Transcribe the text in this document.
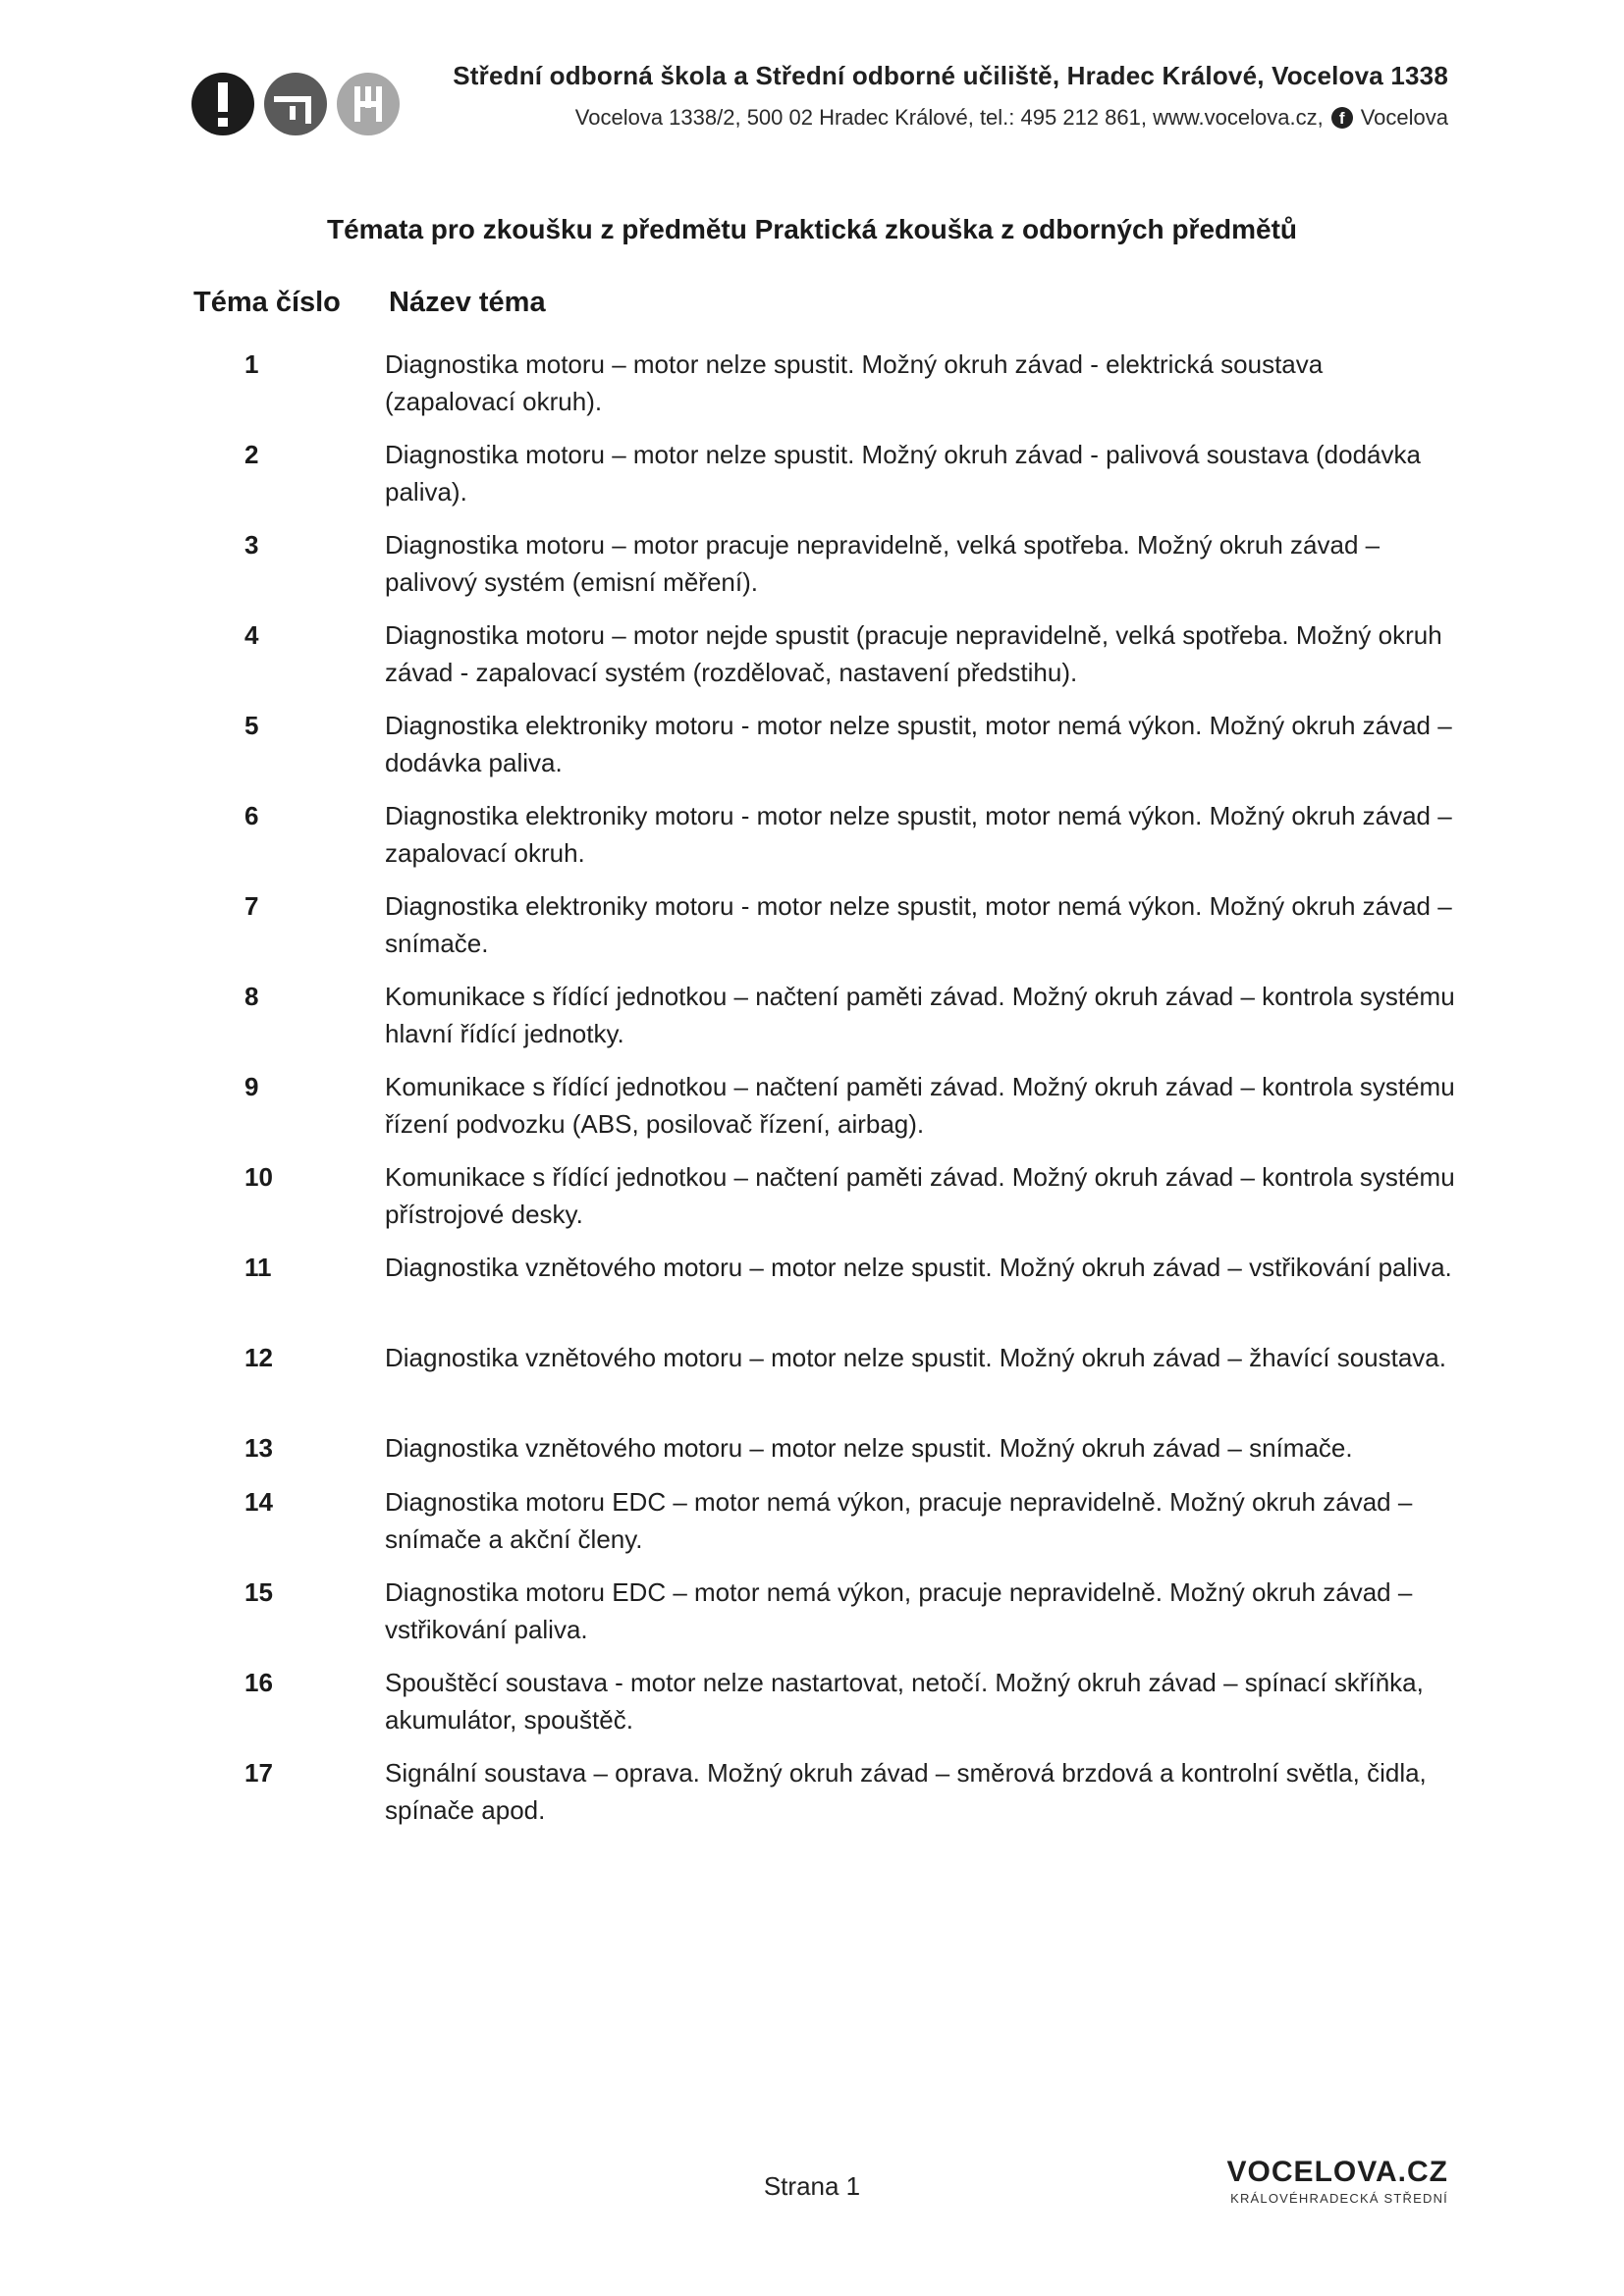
Střední odborná škola a Střední odborné učiliště, Hradec Králové, Vocelova 1338
Vocelova 1338/2, 500 02 Hradec Králové, tel.: 495 212 861, www.vocelova.cz, f Vocelova
Témata pro zkoušku z předmětu Praktická zkouška z odborných předmětů
Téma číslo Název téma
1	Diagnostika motoru – motor nelze spustit. Možný okruh závad - elektrická soustava (zapalovací okruh).
2	Diagnostika motoru – motor nelze spustit. Možný okruh závad - palivová soustava (dodávka paliva).
3	Diagnostika motoru – motor pracuje nepravidelně, velká spotřeba. Možný okruh závad – palivový systém (emisní měření).
4	Diagnostika motoru – motor nejde spustit (pracuje nepravidelně, velká spotřeba. Možný okruh závad - zapalovací systém (rozdělovač, nastavení předstihu).
5	Diagnostika elektroniky motoru - motor nelze spustit, motor nemá výkon. Možný okruh závad – dodávka paliva.
6	Diagnostika elektroniky motoru - motor nelze spustit, motor nemá výkon. Možný okruh závad – zapalovací okruh.
7	Diagnostika elektroniky motoru - motor nelze spustit, motor nemá výkon. Možný okruh závad – snímače.
8	Komunikace s řídící jednotkou – načtení paměti závad. Možný okruh závad – kontrola systému hlavní řídící jednotky.
9	Komunikace s řídící jednotkou – načtení paměti závad. Možný okruh závad – kontrola systému řízení podvozku (ABS, posilovač řízení, airbag).
10	Komunikace s řídící jednotkou – načtení paměti závad. Možný okruh závad – kontrola systému přístrojové desky.
11	Diagnostika vznětového motoru – motor nelze spustit. Možný okruh závad – vstřikování paliva.
12	Diagnostika vznětového motoru – motor nelze spustit. Možný okruh závad – žhavící soustava.
13	Diagnostika vznětového motoru – motor nelze spustit. Možný okruh závad – snímače.
14	Diagnostika motoru EDC – motor nemá výkon, pracuje nepravidelně. Možný okruh závad – snímače a akční členy.
15	Diagnostika motoru EDC – motor nemá výkon, pracuje nepravidelně. Možný okruh závad – vstřikování paliva.
16	Spouštěcí soustava - motor nelze nastartovat, netočí. Možný okruh závad – spínací skříňka, akumulátor, spouštěč.
17	Signální soustava – oprava. Možný okruh závad – směrová brzdová a kontrolní světla, čidla, spínače apod.
Strana 1	VOCELOVA.CZ
KRÁLOVÉHRADECKÁ STŘEDNÍ
